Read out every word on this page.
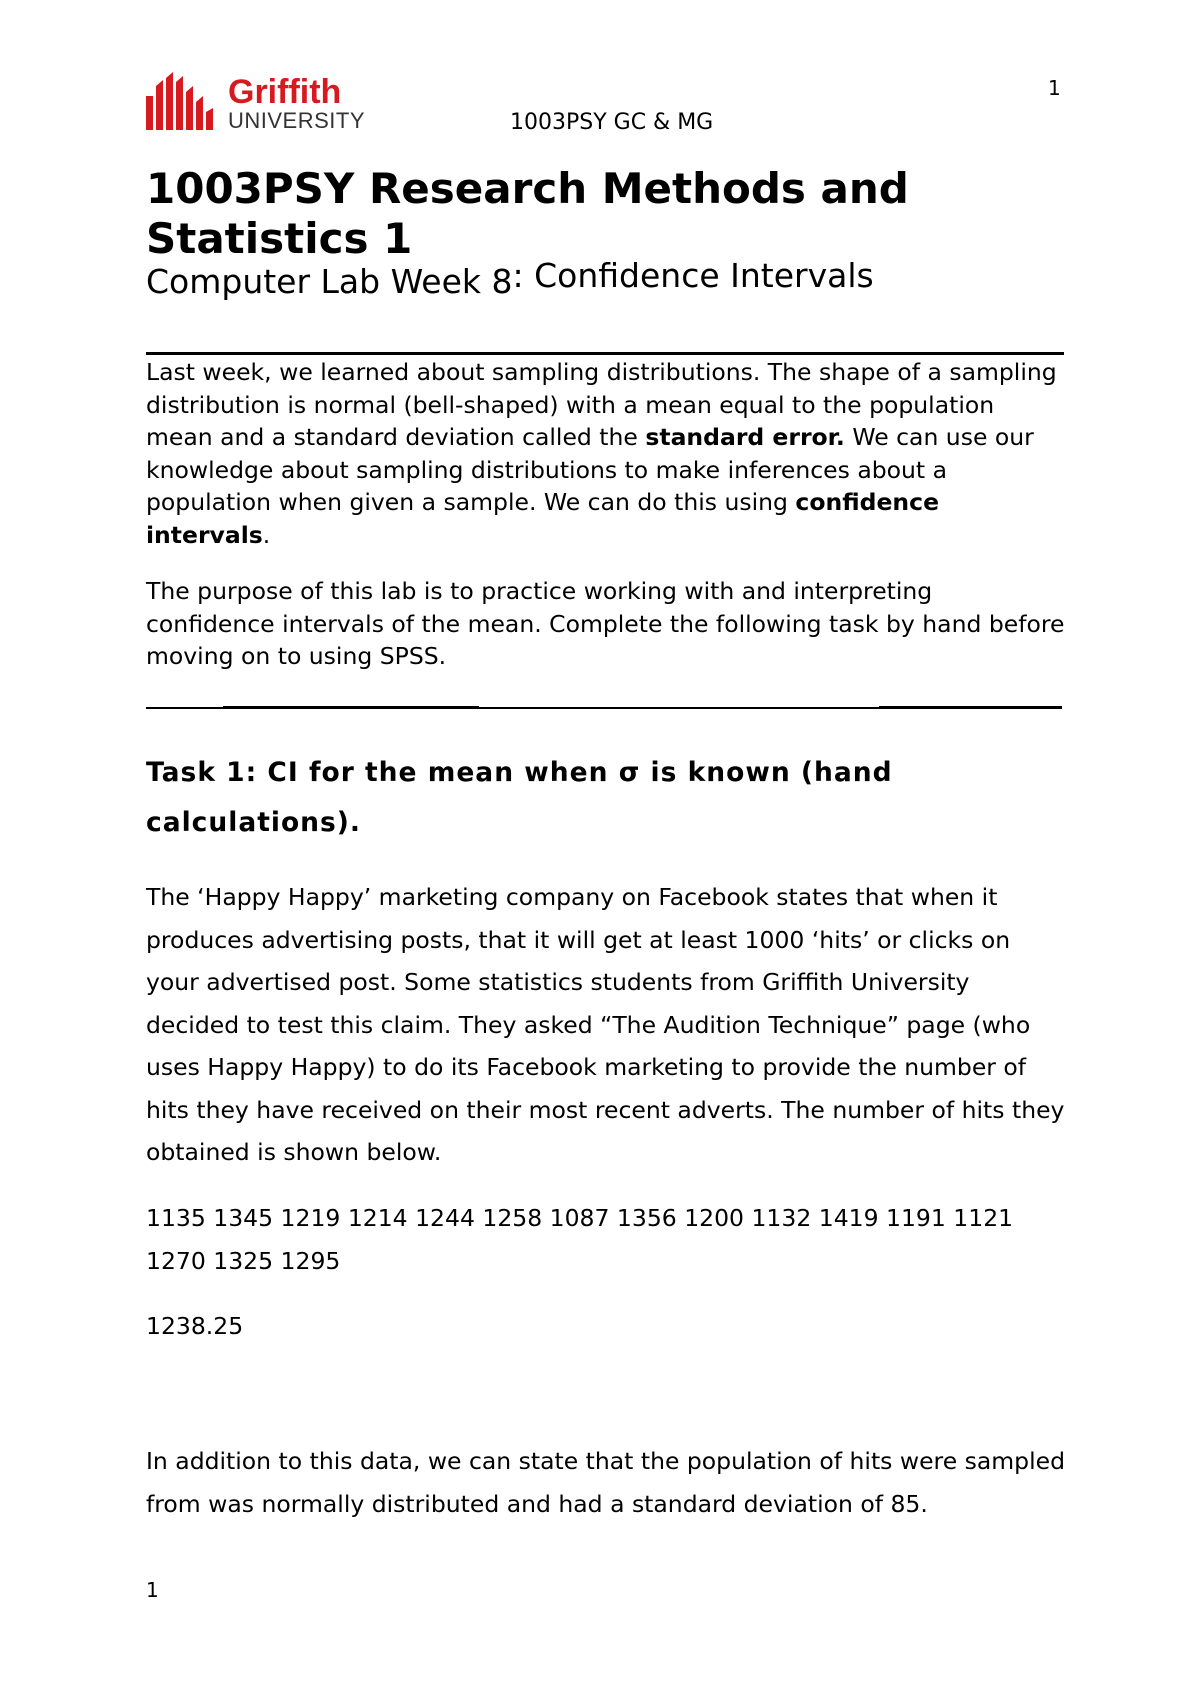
Griffith
UNIVERSITY	1003PSY GC & MG
1
1003PSY Research Methods and Statistics 1
Computer Lab Week 8: Confidence Intervals

Last week, we learned about sampling distributions. The shape of a sampling distribution is normal (bell-shaped) with a mean equal to the population mean and a standard deviation called the standard error. We can use our knowledge about sampling distributions to make inferences about a population when given a sample. We can do this using confidence intervals.

The purpose of this lab is to practice working with and interpreting confidence intervals of the mean. Complete the following task by hand before moving on to using SPSS.

Task 1: CI for the mean when σ is known (hand calculations).

The ‘Happy Happy’ marketing company on Facebook states that when it produces advertising posts, that it will get at least 1000 ‘hits’ or clicks on your advertised post. Some statistics students from Griffith University decided to test this claim. They asked “The Audition Technique” page (who uses Happy Happy) to do its Facebook marketing to provide the number of hits they have received on their most recent adverts. The number of hits they obtained is shown below.

1135 1345 1219 1214 1244 1258 1087 1356 1200 1132 1419 1191 1121 1270 1325 1295

1238.25

In addition to this data, we can state that the population of hits were sampled from was normally distributed and had a standard deviation of 85.

1
